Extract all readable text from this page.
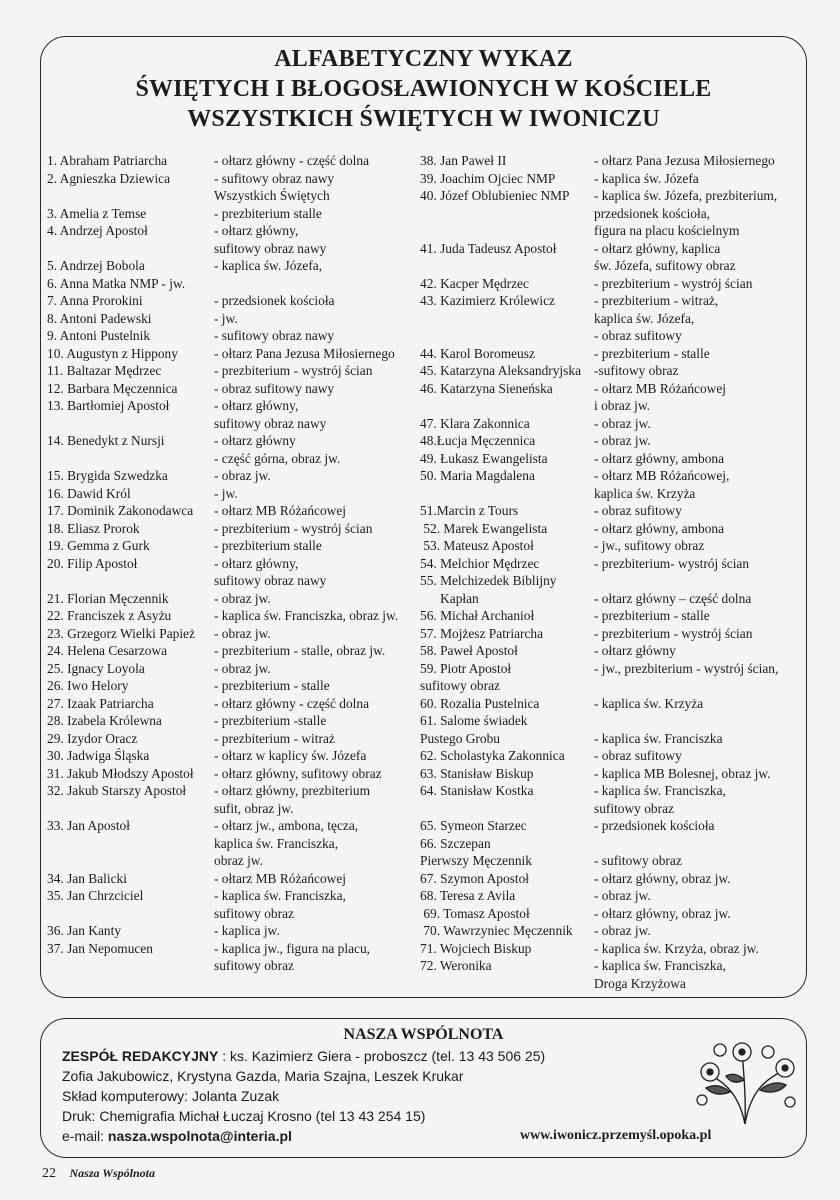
ALFABETYCZNY WYKAZ
ŚWIĘTYCH I BŁOGOSŁAWIONYCH W KOŚCIELE
WSZYSTKICH ŚWIĘTYCH W IWONICZU
1. Abraham Patriarcha	- ołtarz główny - część dolna
2. Agnieszka Dziewica	- sufitowy obraz nawy
Wszystkich Świętych
3. Amelia z Temse	- prezbiterium stalle
4. Andrzej Apostoł	- ołtarz główny,
sufitowy obraz nawy
5. Andrzej Bobola	- kaplica św. Józefa,
6. Anna Matka NMP - jw.
7. Anna Prorokini	- przedsionek kościoła
8. Antoni Padewski	- jw.
9. Antoni Pustelnik	- sufitowy obraz nawy
10. Augustyn z Hippony	- ołtarz Pana Jezusa Miłosiernego
11. Baltazar Mędrzec	- prezbiterium - wystrój ścian
12. Barbara Męczennica	- obraz sufitowy nawy
13. Bartłomiej Apostoł	- ołtarz główny,
sufitowy obraz nawy
14. Benedykt z Nursji	- ołtarz główny
- część górna, obraz jw.
15. Brygida Szwedzka	- obraz jw.
16. Dawid Król	- jw.
17. Dominik Zakonodawca	- ołtarz MB Różańcowej
18. Eliasz Prorok	- prezbiterium - wystrój ścian
19. Gemma z Gurk	- prezbiterium stalle
20. Filip Apostoł	- ołtarz główny,
sufitowy obraz nawy
21. Florian Męczennik	- obraz jw.
22. Franciszek z Asyżu	- kaplica św. Franciszka, obraz jw.
23. Grzegorz Wielki Papież	- obraz jw.
24. Helena Cesarzowa	- prezbiterium - stalle, obraz jw.
25. Ignacy Loyola	- obraz jw.
26. Iwo Helory	- prezbiterium - stalle
27. Izaak Patriarcha	- ołtarz główny - część dolna
28. Izabela Królewna	- prezbiterium -stalle
29. Izydor Oracz	- prezbiterium - witraż
30. Jadwiga Śląska	- ołtarz w kaplicy św. Józefa
31. Jakub Młodszy Apostoł	- ołtarz główny, sufitowy obraz
32. Jakub Starszy Apostoł	- ołtarz główny, prezbiterium
sufit, obraz jw.
33. Jan Apostoł	- ołtarz jw., ambona, tęcza,
kaplica św. Franciszka,
obraz jw.
34. Jan Balicki	- ołtarz MB Różańcowej
35. Jan Chrzciciel	- kaplica św. Franciszka,
sufitowy obraz
36. Jan Kanty	- kaplica jw.
37. Jan Nepomucen	- kaplica jw., figura na placu,
sufitowy obraz
38. Jan Paweł II	- ołtarz Pana Jezusa Miłosiernego
39. Joachim Ojciec NMP	- kaplica św. Józefa
40. Józef Oblubieniec NMP	- kaplica św. Józefa, prezbiterium,
przedsionek kościoła,
figura na placu kościelnym
41. Juda Tadeusz Apostoł	- ołtarz główny, kaplica
św. Józefa, sufitowy obraz
42. Kacper Mędrzec	- prezbiterium - wystrój ścian
43. Kazimierz Królewicz	- prezbiterium - witraż,
kaplica św. Józefa,
- obraz sufitowy
44. Karol Boromeusz	- prezbiterium - stalle
45. Katarzyna Aleksandryjska -sufitowy obraz
46. Katarzyna Sieneńska	- ołtarz MB Różańcowej
i obraz jw.
47. Klara Zakonnica	- obraz jw.
48.Łucja Męczennica	- obraz jw.
49. Łukasz Ewangelista	- ołtarz główny, ambona
50. Maria Magdalena	- ołtarz MB Różańcowej,
kaplica św. Krzyża
51.Marcin z Tours	- obraz sufitowy
52. Marek Ewangelista	- ołtarz główny, ambona
53. Mateusz Apostoł	- jw., sufitowy obraz
54. Melchior Mędrzec	- prezbiterium- wystrój ścian
55. Melchizedek Biblijny
Kapłan	- ołtarz główny – część dolna
56. Michał Archanioł	- prezbiterium - stalle
57. Mojżesz Patriarcha	- prezbiterium - wystrój ścian
58. Paweł Apostoł	- ołtarz główny
59. Piotr Apostoł	- jw., prezbiterium - wystrój ścian,
sufitowy obraz
60. Rozalia Pustelnica	- kaplica św. Krzyża
61. Salome świadek
Pustego Grobu	- kaplica św. Franciszka
62. Scholastyka Zakonnica	- obraz sufitowy
63. Stanisław Biskup	- kaplica MB Bolesnej, obraz jw.
64. Stanisław Kostka	- kaplica św. Franciszka,
sufitowy obraz
65. Symeon Starzec	- przedsionek kościoła
66. Szczepan
Pierwszy Męczennik	- sufitowy obraz
67. Szymon Apostoł	- ołtarz główny, obraz jw.
68. Teresa z Avila	- obraz jw.
69. Tomasz Apostoł	- ołtarz główny, obraz jw.
70. Wawrzyniec Męczennik	- obraz jw.
71. Wojciech Biskup	- kaplica św. Krzyża, obraz jw.
72. Weronika	- kaplica św. Franciszka,
Droga Krzyżowa
NASZA WSPÓLNOTA
ZESPÓŁ REDAKCYJNY : ks. Kazimierz Giera - proboszcz (tel. 13 43 506 25)
Zofia Jakubowicz, Krystyna Gazda, Maria Szajna, Leszek Krukar
Skład komputerowy: Jolanta Zuzak
Druk: Chemigrafia Michał Łuczaj Krosno (tel 13 43 254 15)
e-mail: nasza.wspolnota@interia.pl	www.iwonicz.przemyśl.opoka.pl
22 Nasza Wspólnota
